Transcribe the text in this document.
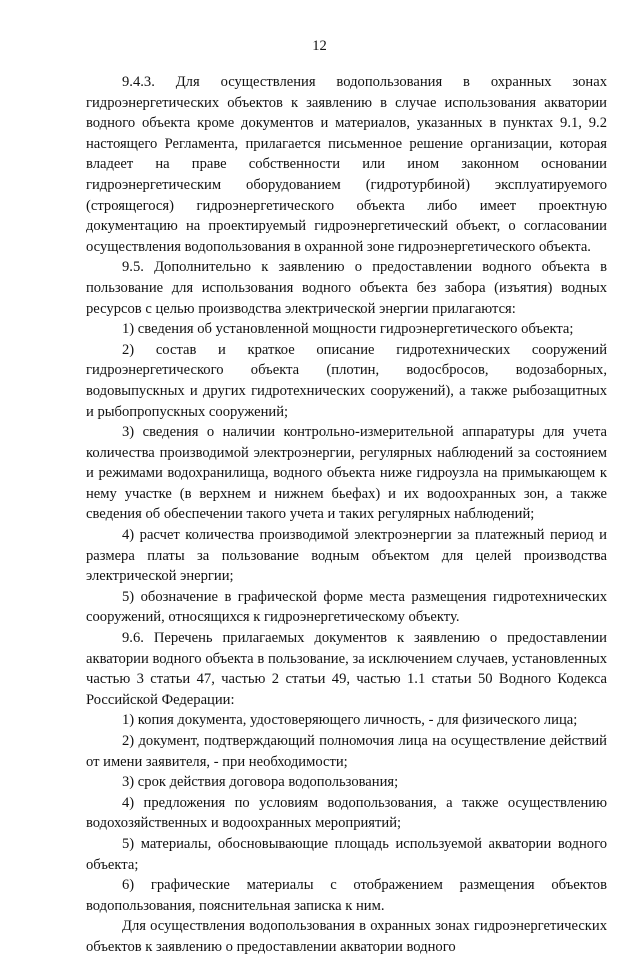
12

9.4.3. Для осуществления водопользования в охранных зонах гидроэнергетических объектов к заявлению в случае использования акватории водного объекта кроме документов и материалов, указанных в пунктах 9.1, 9.2 настоящего Регламента, прилагается письменное решение организации, которая владеет на праве собственности или ином законном основании гидроэнергетическим оборудованием (гидротурбиной) эксплуатируемого (строящегося) гидроэнергетического объекта либо имеет проектную документацию на проектируемый гидроэнергетический объект, о согласовании осуществления водопользования в охранной зоне гидроэнергетического объекта.

9.5. Дополнительно к заявлению о предоставлении водного объекта в пользование для использования водного объекта без забора (изъятия) водных ресурсов с целью производства электрической энергии прилагаются:

1) сведения об установленной мощности гидроэнергетического объекта;

2) состав и краткое описание гидротехнических сооружений гидроэнергетического объекта (плотин, водосбросов, водозаборных, водовыпускных и других гидротехнических сооружений), а также рыбозащитных и рыбопропускных сооружений;

3) сведения о наличии контрольно-измерительной аппаратуры для учета количества производимой электроэнергии, регулярных наблюдений за состоянием и режимами водохранилища, водного объекта ниже гидроузла на примыкающем к нему участке (в верхнем и нижнем бьефах) и их водоохранных зон, а также сведения об обеспечении такого учета и таких регулярных наблюдений;

4) расчет количества производимой электроэнергии за платежный период и размера платы за пользование водным объектом для целей производства электрической энергии;

5) обозначение в графической форме места размещения гидротехнических сооружений, относящихся к гидроэнергетическому объекту.

9.6. Перечень прилагаемых документов к заявлению о предоставлении акватории водного объекта в пользование, за исключением случаев, установленных частью 3 статьи 47, частью 2 статьи 49, частью 1.1 статьи 50 Водного Кодекса Российской Федерации:

1) копия документа, удостоверяющего личность, - для физического лица;

2) документ, подтверждающий полномочия лица на осуществление действий от имени заявителя, - при необходимости;

3) срок действия договора водопользования;

4) предложения по условиям водопользования, а также осуществлению водохозяйственных и водоохранных мероприятий;

5) материалы, обосновывающие площадь используемой акватории водного объекта;

6) графические материалы с отображением размещения объектов водопользования, пояснительная записка к ним.

Для осуществления водопользования в охранных зонах гидроэнергетических объектов к заявлению о предоставлении акватории водного
